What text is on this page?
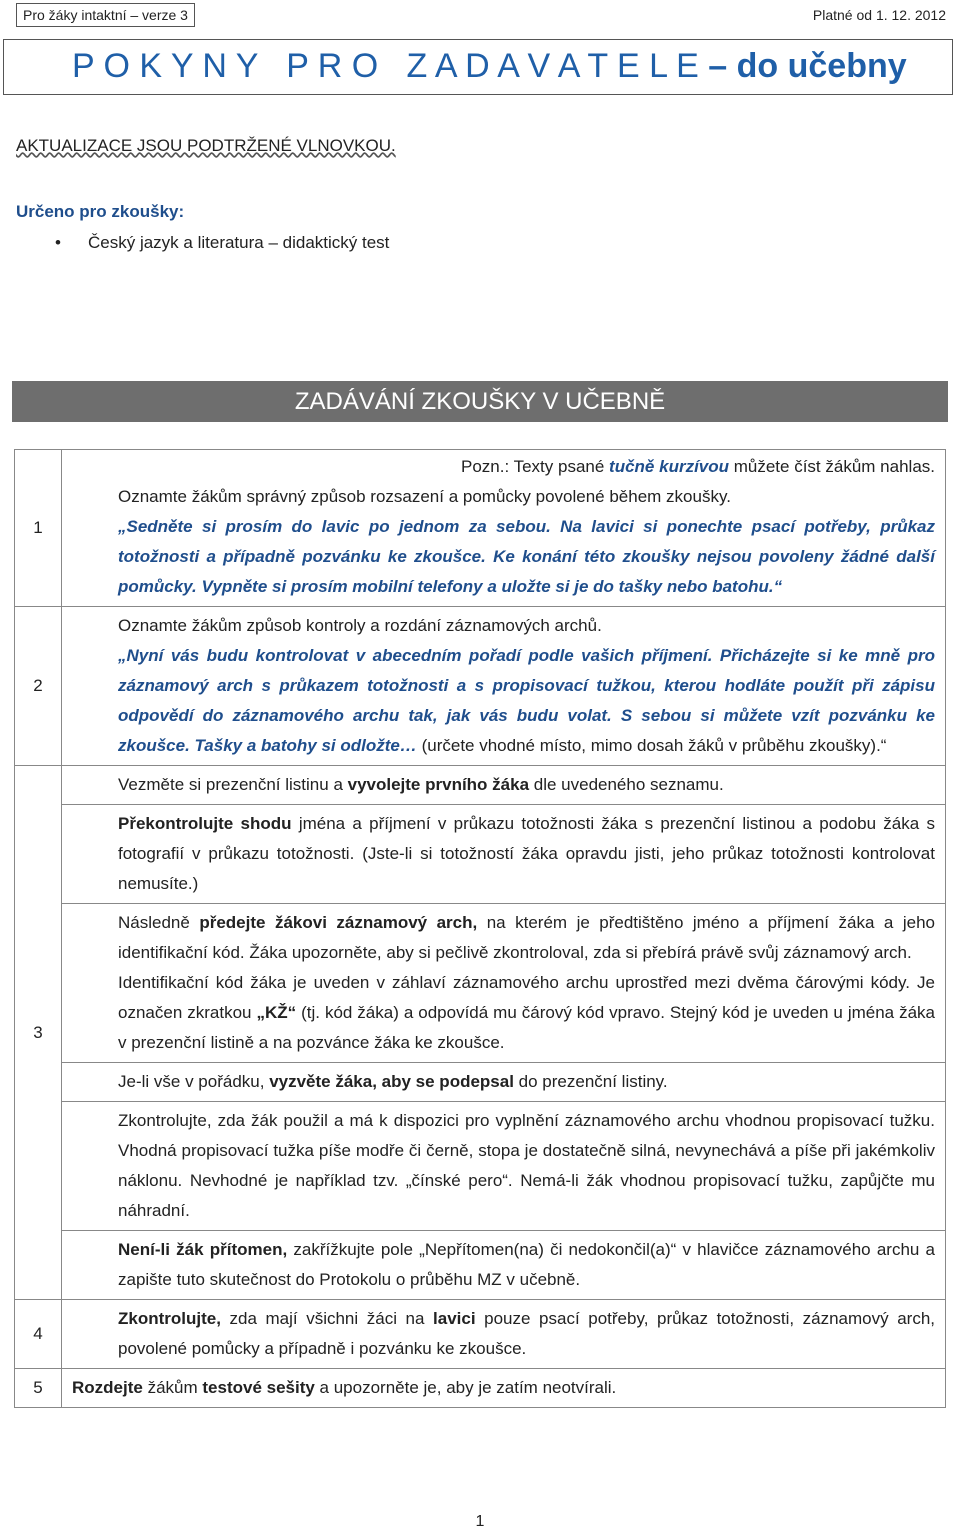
Pro žáky intaktní – verze 3	Platné od 1. 12. 2012
P O K Y N Y   P R O   Z A D A V A T E L E – do učebny
AKTUALIZACE JSOU PODTRŽENÉ VLNOVKOU.
Určeno pro zkoušky:
• Český jazyk a literatura – didaktický test
ZADÁVÁNÍ ZKOUŠKY V UČEBNĚ
1	Pozn.: Texty psané tučně kurzívou můžete číst žákům nahlas.

	Oznamte žákům správný způsob rozsazení a pomůcky povolené během zkoušky.
„Sedněte si prosím do lavic po jednom za sebou. Na lavici si ponechte psací potřeby, průkaz totožnosti a případně pozvánku ke zkoušce. Ke konání této zkoušky nejsou povoleny žádné další pomůcky. Vypněte si prosím mobilní telefony a uložte si je do tašky nebo batohu.“

2	Oznamte žákům způsob kontroly a rozdání záznamových archů.
„Nyní vás budu kontrolovat v abecedním pořadí podle vašich příjmení. Přicházejte si ke mně pro záznamový arch s průkazem totožnosti a s propisovací tužkou, kterou hodláte použít při zápisu odpovědí do záznamového archu tak, jak vás budu volat. S sebou si můžete vzít pozvánku ke zkoušce. Tašky a batohy si odložte… (určete vhodné místo, mimo dosah žáků v průběhu zkoušky).“

3	Vezměte si prezenční listinu a vyvolejte prvního žáka dle uvedeného seznamu.
	Překontrolujte shodu jména a příjmení v průkazu totožnosti žáka s prezenční listinou a podobu žáka s fotografií v průkazu totožnosti. (Jste-li si totožností žáka opravdu jisti, jeho průkaz totožnosti kontrolovat nemusíte.)

	Následně předejte žákovi záznamový arch, na kterém je předtištěno jméno a příjmení žáka a jeho identifikační kód. Žáka upozorněte, aby si pečlivě zkontroloval, zda si přebírá právě svůj záznamový arch.
Identifikační kód žáka je uveden v záhlaví záznamového archu uprostřed mezi dvěma čárovými kódy. Je označen zkratkou „KŽ“ (tj. kód žáka) a odpovídá mu čárový kód vpravo. Stejný kód je uveden u jména žáka v prezenční listině a na pozvánce žáka ke zkoušce.

	Je-li vše v pořádku, vyzvěte žáka, aby se podepsal do prezenční listiny.
	Zkontrolujte, zda žák použil a má k dispozici pro vyplnění záznamového archu vhodnou propisovací tužku. Vhodná propisovací tužka píše modře či černě, stopa je dostatečně silná, nevynechává a píše při jakémkoliv náklonu. Nevhodné je například tzv. „čínské pero“. Nemá-li žák vhodnou propisovací tužku, zapůjčte mu náhradní.
	Není-li žák přítomen, zakřížkujte pole „Nepřítomen(na) či nedokončil(a)“ v hlavičce záznamového archu a zapište tuto skutečnost do Protokolu o průběhu MZ v učebně.
4	Zkontrolujte, zda mají všichni žáci na lavici pouze psací potřeby, průkaz totožnosti, záznamový arch, povolené pomůcky a případně i pozvánku ke zkoušce.
5	Rozdejte žákům testové sešity a upozorněte je, aby je zatím neotvírali.
1
